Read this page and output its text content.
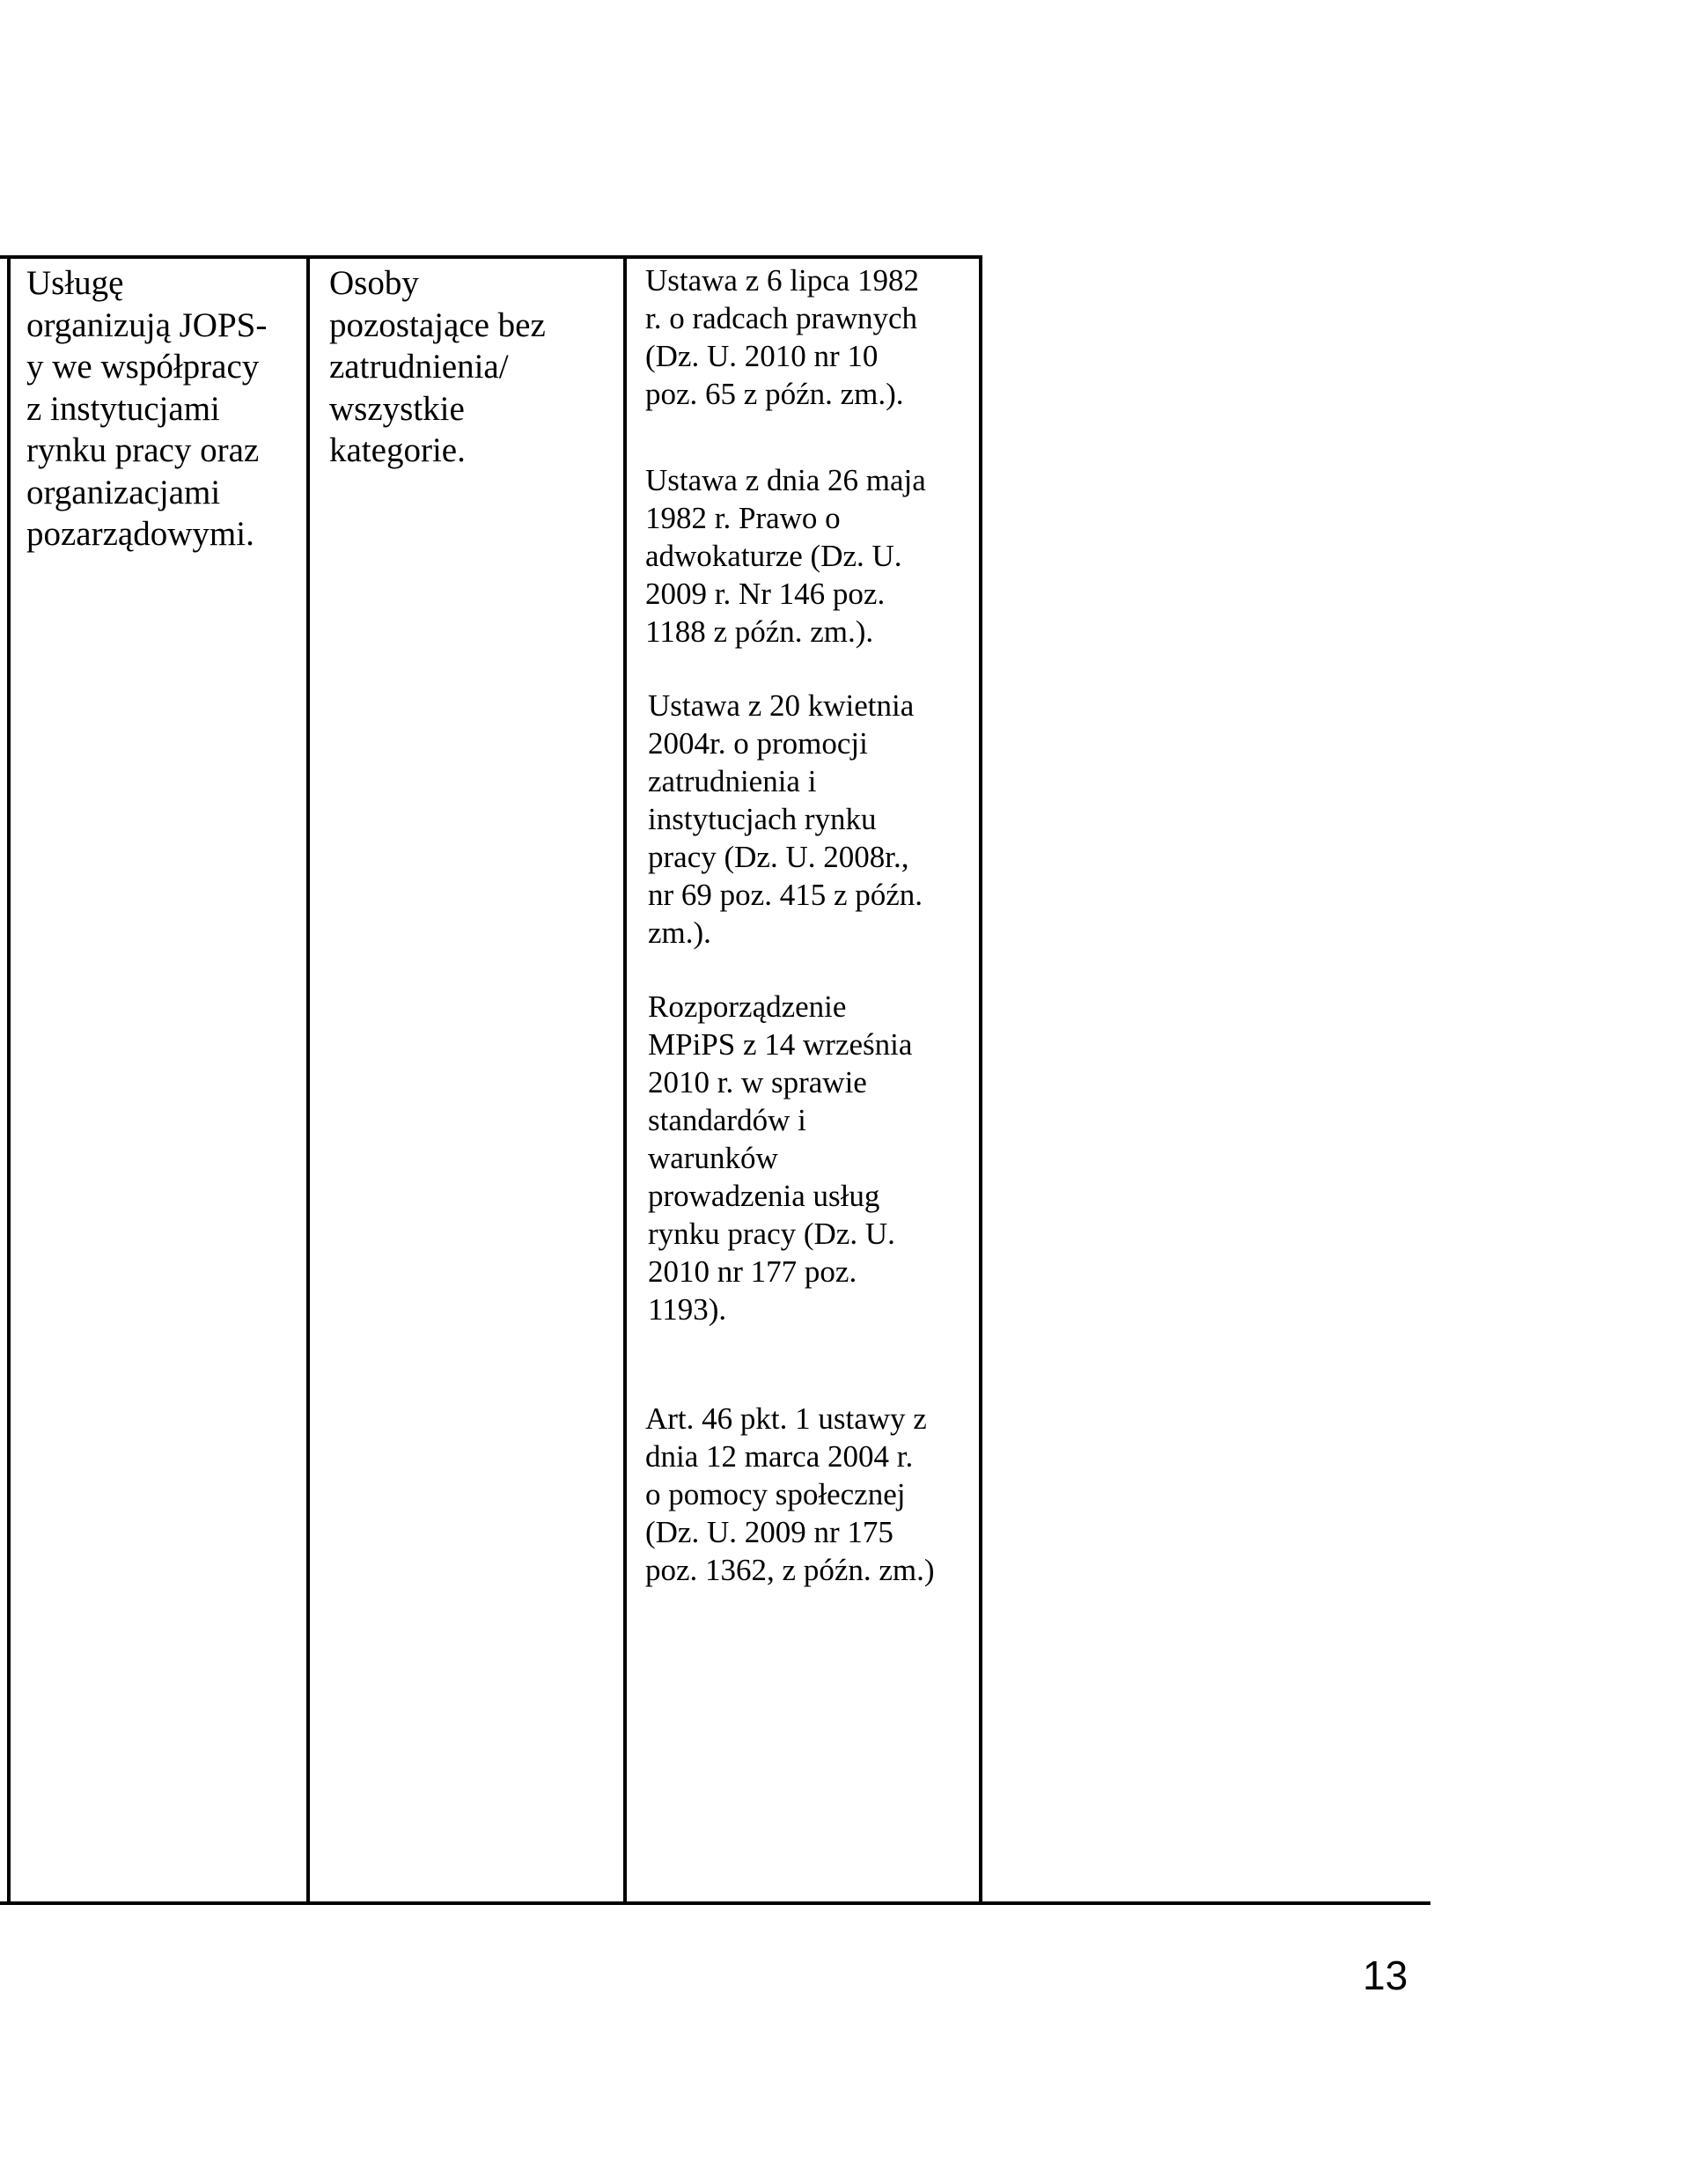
Usługę
organizują JOPS-
y we współpracy
z instytucjami
rynku pracy oraz
organizacjami
pozarządowymi.

Osoby
pozostające bez
zatrudnienia/
wszystkie
kategorie.

Ustawa z 6 lipca 1982
r. o radcach prawnych
(Dz. U. 2010 nr 10
poz. 65 z późn. zm.).

Ustawa z dnia 26 maja
1982 r. Prawo o
adwokaturze (Dz. U.
2009 r. Nr 146 poz.
1188 z późn. zm.).

Ustawa z 20 kwietnia
2004r. o promocji
zatrudnienia i
instytucjach rynku
pracy (Dz. U. 2008r.,
nr 69 poz. 415 z późn.
zm.).

Rozporządzenie
MPiPS z 14 września
2010 r. w sprawie
standardów i
warunków
prowadzenia usług
rynku pracy (Dz. U.
2010 nr 177 poz.
1193).

Art. 46 pkt. 1 ustawy z
dnia 12 marca 2004 r.
o pomocy społecznej
(Dz. U. 2009 nr 175
poz. 1362, z późn. zm.)

13
